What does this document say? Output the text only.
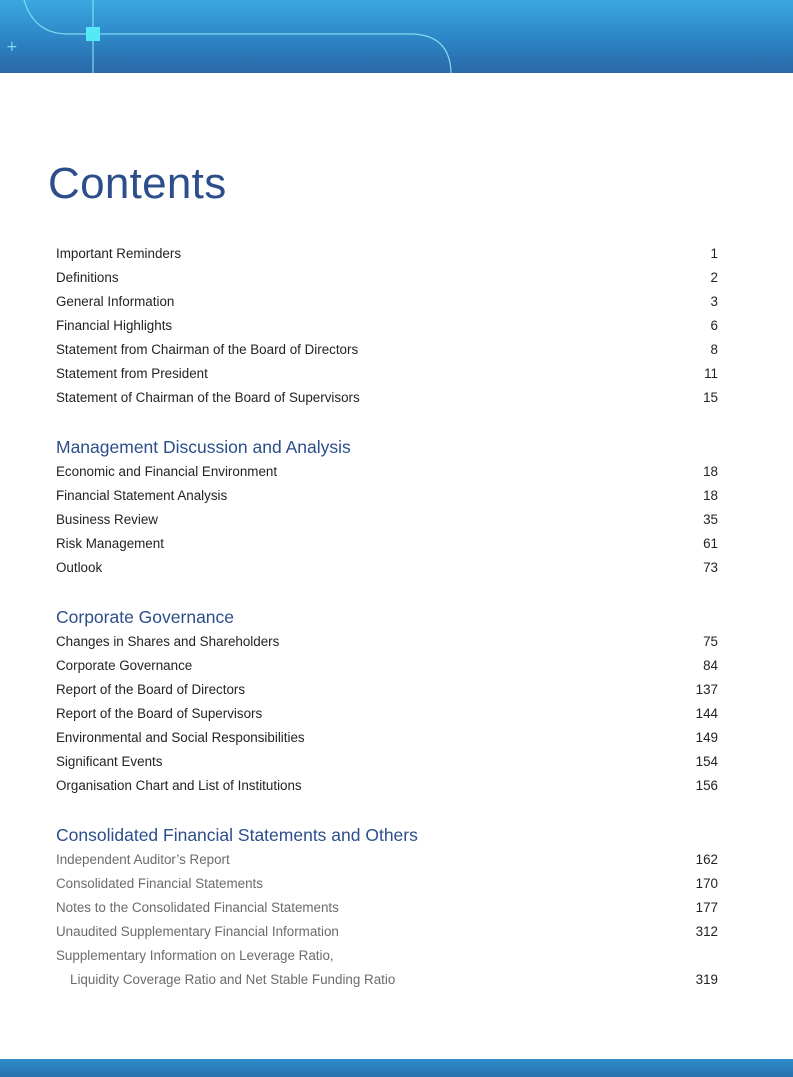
+
Contents
Important Reminders	1
Definitions	2
General Information	3
Financial Highlights	6
Statement from Chairman of the Board of Directors	8
Statement from President	11
Statement of Chairman of the Board of Supervisors	15
Management Discussion and Analysis
Economic and Financial Environment	18
Financial Statement Analysis	18
Business Review	35
Risk Management	61
Outlook	73
Corporate Governance
Changes in Shares and Shareholders	75
Corporate Governance	84
Report of the Board of Directors	137
Report of the Board of Supervisors	144
Environmental and Social Responsibilities	149
Significant Events	154
Organisation Chart and List of Institutions	156
Consolidated Financial Statements and Others
Independent Auditor’s Report	162
Consolidated Financial Statements	170
Notes to the Consolidated Financial Statements	177
Unaudited Supplementary Financial Information	312
Supplementary Information on Leverage Ratio,
Liquidity Coverage Ratio and Net Stable Funding Ratio	319
